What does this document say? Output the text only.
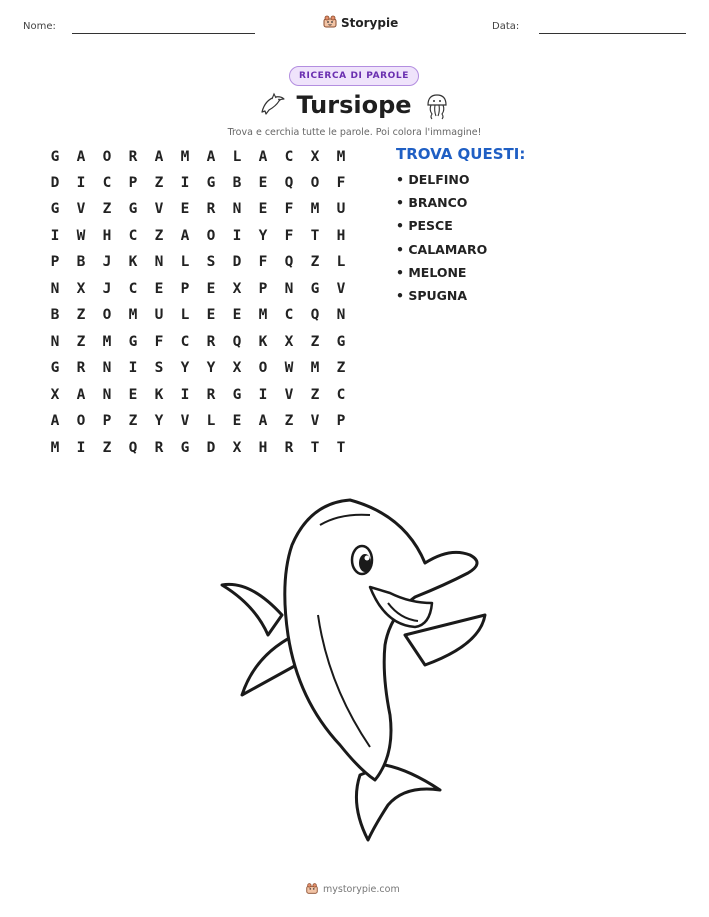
Nome:	Storypie	Data:
RICERCA DI PAROLE
Tursiope
Trova e cerchia tutte le parole. Poi colora l'immagine!
G	A	O	R	A	M	A	L	A	C	X	M
D	I	C	P	Z	I	G	B	E	Q	O	F
G	V	Z	G	V	E	R	N	E	F	M	U
I	W	H	C	Z	A	O	I	Y	F	T	H
P	B	J	K	N	L	S	D	F	Q	Z	L
N	X	J	C	E	P	E	X	P	N	G	V
B	Z	O	M	U	L	E	E	M	C	Q	N
N	Z	M	G	F	C	R	Q	K	X	Z	G
G	R	N	I	S	Y	Y	X	O	W	M	Z
X	A	N	E	K	I	R	G	I	V	Z	C
A	O	P	Z	Y	V	L	E	A	Z	V	P
M	I	Z	Q	R	G	D	X	H	R	T	T
TROVA QUESTI:
• DELFINO
• BRANCO
• PESCE
• CALAMARO
• MELONE
• SPUGNA
mystorypie.com
